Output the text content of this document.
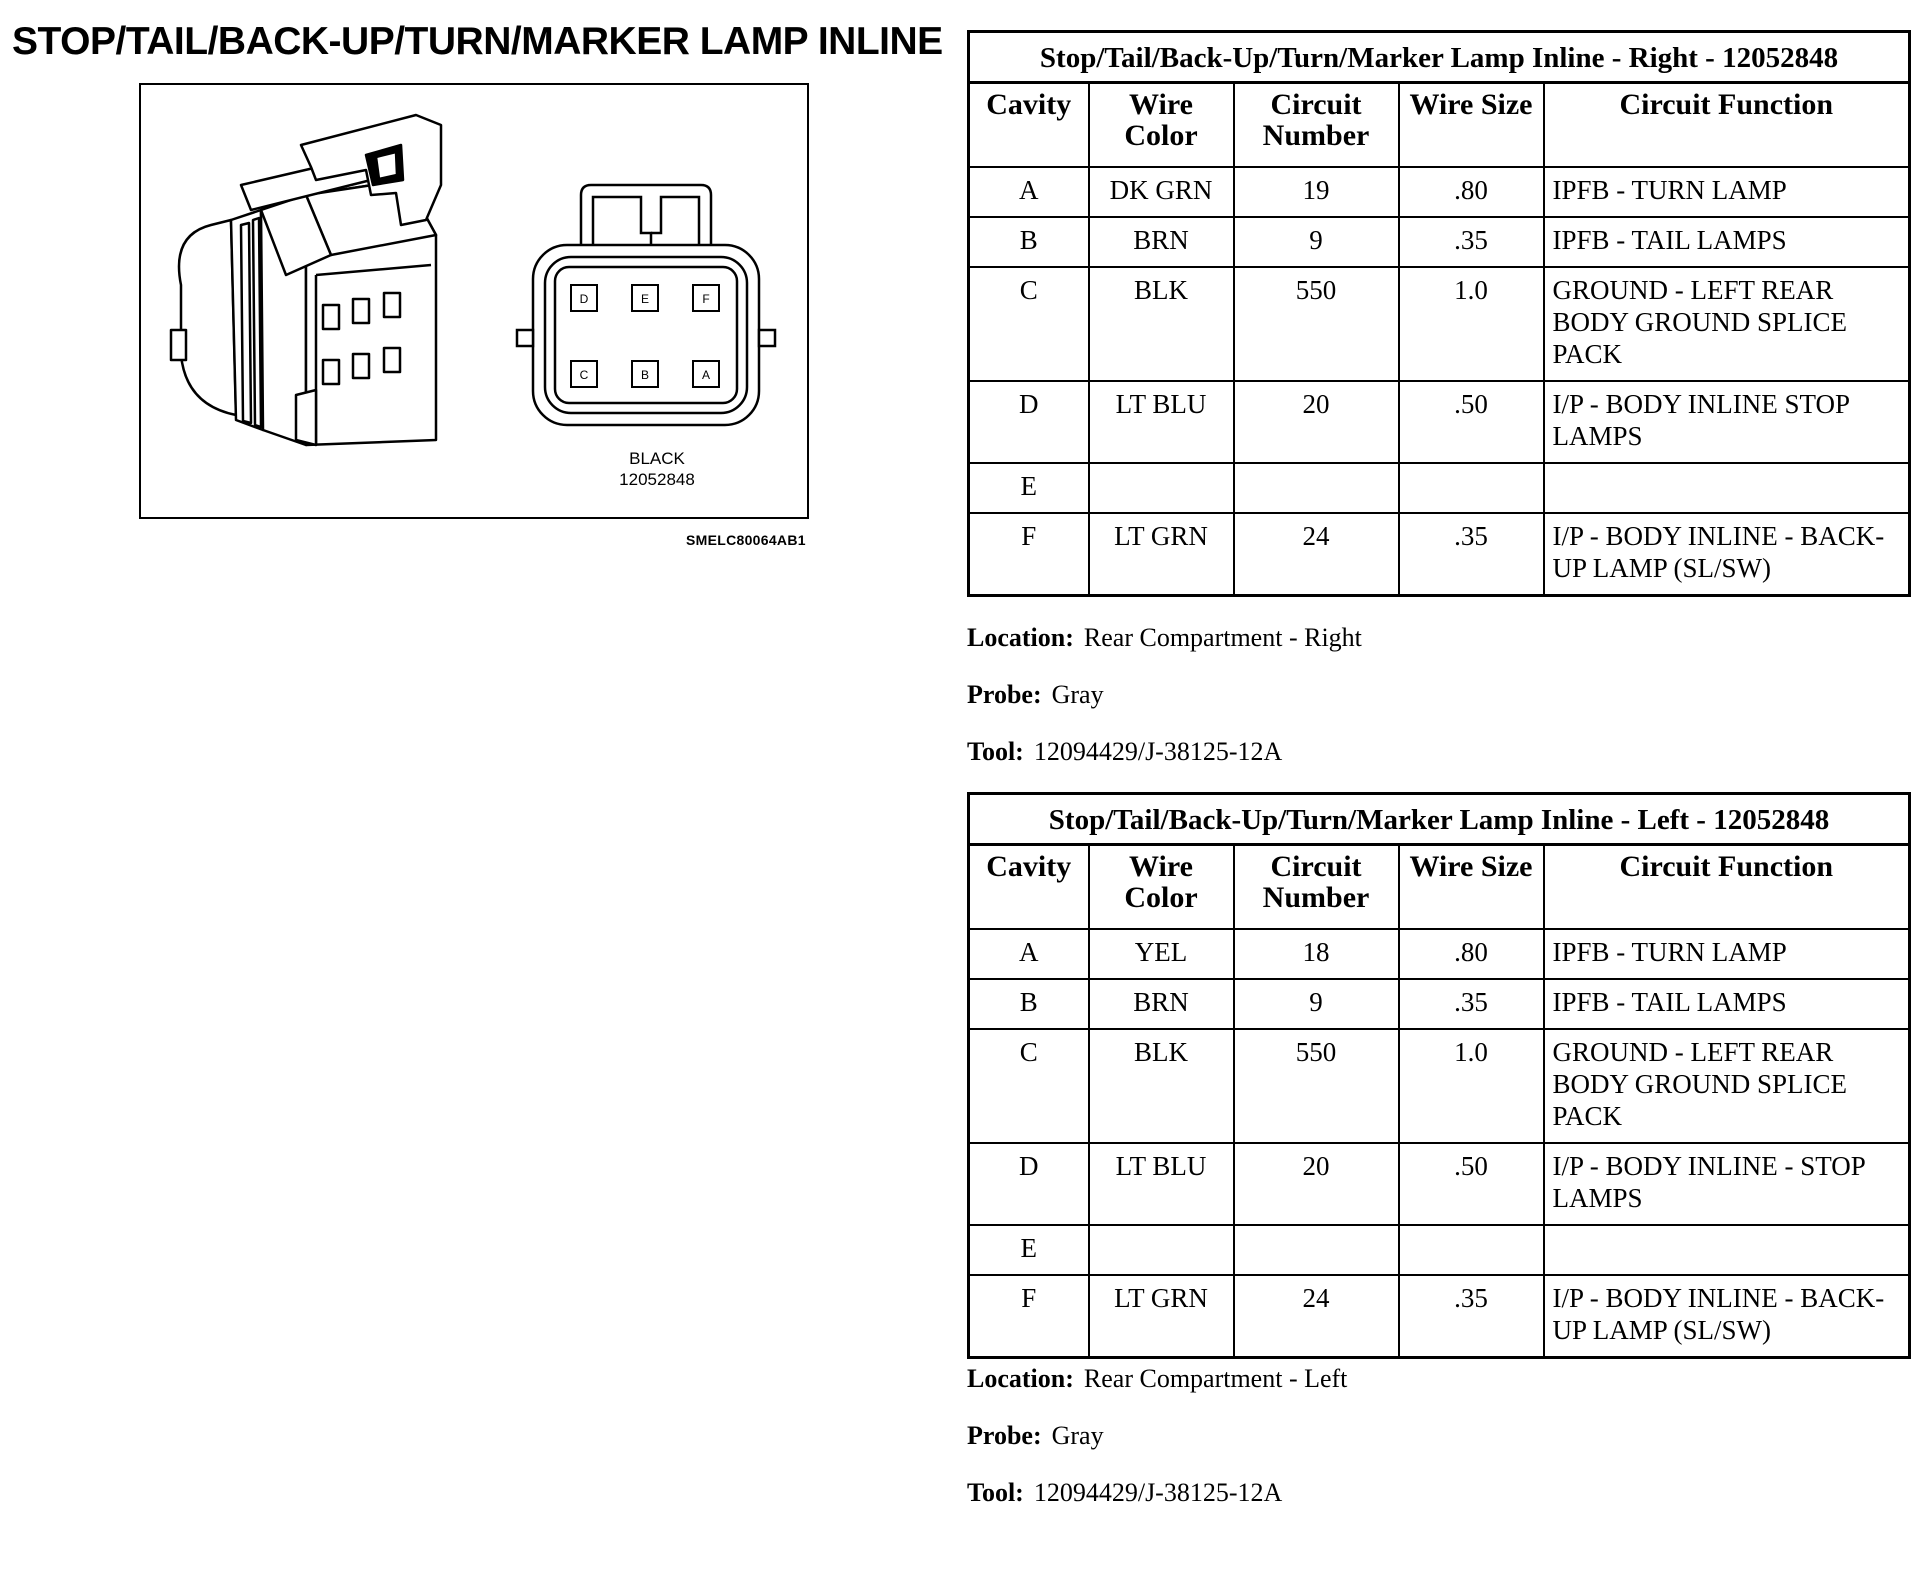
STOP/TAIL/BACK-UP/TURN/MARKER LAMP INLINE
D	E	F
C	B	A
BLACK
12052848
SMELC80064AB1
Stop/Tail/Back-Up/Turn/Marker Lamp Inline - Right - 12052848
Cavity	Wire Color	Circuit Number	Wire Size	Circuit Function
A	DK GRN	19	.80	IPFB - TURN LAMP
B	BRN	9	.35	IPFB - TAIL LAMPS
C	BLK	550	1.0	GROUND - LEFT REAR BODY GROUND SPLICE PACK
D	LT BLU	20	.50	I/P - BODY INLINE STOP LAMPS
E				
F	LT GRN	24	.35	I/P - BODY INLINE - BACK-UP LAMP (SL/SW)
Location: Rear Compartment - Right
Probe: Gray
Tool: 12094429/J-38125-12A
Stop/Tail/Back-Up/Turn/Marker Lamp Inline - Left - 12052848
Cavity	Wire Color	Circuit Number	Wire Size	Circuit Function
A	YEL	18	.80	IPFB - TURN LAMP
B	BRN	9	.35	IPFB - TAIL LAMPS
C	BLK	550	1.0	GROUND - LEFT REAR BODY GROUND SPLICE PACK
D	LT BLU	20	.50	I/P - BODY INLINE - STOP LAMPS
E				
F	LT GRN	24	.35	I/P - BODY INLINE - BACK-UP LAMP (SL/SW)
Location: Rear Compartment - Left
Probe: Gray
Tool: 12094429/J-38125-12A
